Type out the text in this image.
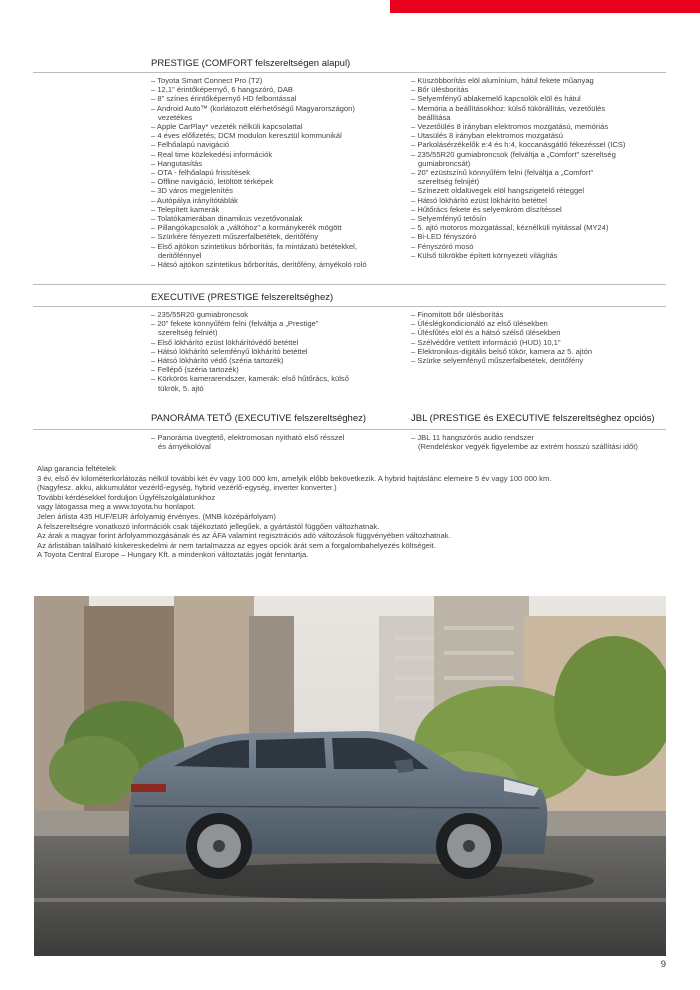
PRESTIGE (COMFORT felszereltségen alapul)
– Toyota Smart Connect Pro (T2)
– 12,1" érintőképernyő, 6 hangszóró, DAB
– 8" színes érintőképernyő HD felbontással
– Android Auto™ (korlátozott elérhetőségű Magyarországon)
vezetékes
– Apple CarPlay* vezeték nélküli kapcsolattal
– 4 éves előfizetés; DCM modulon keresztül kommunikál
– Felhőalapú navigáció
– Real time közlekedési információk
– Hangutasítás
– OTA - felhőalapú frissítések
– Offline navigáció, letöltött térképek
– 3D város megjelenítés
– Autópálya irányítótáblák
– Telepített kamerák
– Tolatókamerában dinamikus vezetővonalak
– Pillangókapcsolók a „váltóhoz" a kormánykerék mögött
– Szürkére fényezett műszerfalbetétek, deritőfény
– Első ajtókon szintetikus bőrborítás, fa mintázatú betétekkel,
deritőfénnyel
– Hátsó ajtókon szintetikus bőrborítás, deritőfény, árnyékoló roló
– Küszöbborítás elöl alumínium, hátul fekete műanyag
– Bőr ülésborítás
– Selyemfényű ablakemelő kapcsolók elöl és hátul
– Memória a beállításokhoz: külső tükörállítás, vezetőülés
beállítása
– Vezetőülés 8 irányban elektromos mozgatású, memóriás
– Utasülés 8 irányban elektromos mozgatású
– Parkolásérzékelők e:4 és h:4, koccanásgátló fékezéssel (ICS)
– 235/55R20 gumiabroncsok (felváltja a „Comfort" szereltség
gumiabroncsát)
– 20" ezüstszínű könnyűfém felni (felváltja a „Comfort"
szereltség felnijét)
– Színezett oldalüvegek elöl hangszigetelő réteggel
– Hátsó lökhárító ezüst lökhárító betéttel
– Hűtőrács fekete és selyemkróm díszítéssel
– Selyemfényű tetősín
– 5. ajtó motoros mozgatással, kéznélküli nyitással (MY24)
– Bi-LED fényszóró
– Fényszóró mosó
– Külső tükrökbe épített környezeti világítás
EXECUTIVE (PRESTIGE felszereltséghez)
– 235/55R20 gumiabroncsok
– 20" fekete könnyűfém felni (felváltja a „Prestige"
szereltség felniét)
– Első lökhárító ezüst lökhárítóvédő betéttel
– Hátsó lökhárító selemfényű lökhárító betéttel
– Hátsó lökhárító védő (széria tartozék)
– Fellépő (széria tartozék)
– Körkörös kamerarendszer, kamerák: első hűtőrács, külső
tükrök, 5. ajtó
– Finomított bőr ülésborítás
– Üléslégkondicionáló az első ülésekben
– Ülésfűtés elöl és a hátsó szélső ülésekben
– Szélvédőre vetített információ (HUD) 10,1"
– Elektronikus-digitális belső tükör, kamera az 5. ajtón
– Szürke selyemfényű műszerfalbetétek, deritőfény
PANORÁMA TETŐ (EXECUTIVE felszereltséghez)	JBL (PRESTIGE és EXECUTIVE felszereltséghez opciós)
– Panoráma üvegtető, elektromosan nyitható első résszel
és árnyékolóval
– JBL 11 hangszórós audio rendszer
(Rendeléskor vegyék figyelembe az extrém hosszú szállítási időt)
Alap garancia feltételek
3 év, első év kilométerkorlátozás nélkül további két év vagy 100 000 km, amelyik előbb bekövetkezik. A hybrid hajtáslánc elemeire 5 év vagy 100 000 km.
(Nagyfesz. akku, akkumulátor vezérlő-egység, hybrid vezérlő-egység, inverter konverter.)
További kérdésekkel forduljon Ügyfélszolgálatunkhoz
vagy látogassa meg a www.toyota.hu honlapot.
Jelen árlista 435 HUF/EUR árfolyamig érvényes. (MNB középárfolyam)
A felszereltségre vonatkozó információk csak tájékoztató jellegűek, a gyártástól függően változhatnak.
Az árak a magyar forint árfolyammozgásának és az ÁFA valamint regisztrációs adó változások függvényében változhatnak.
Az árlistában található kiskereskedelmi ár nem tartalmazza az egyes opciók árát sem a forgalombahelyezés költségeit.
A Toyota Central Europe – Hungary Kft. a mindenkori változtatás jogát fenntartja.
9
